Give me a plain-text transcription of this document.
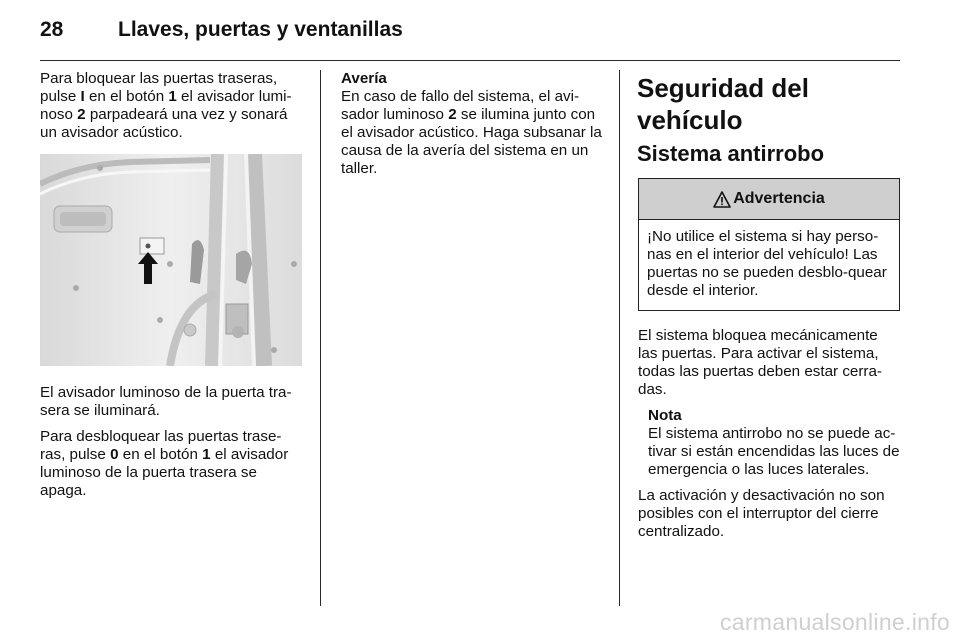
28	Llaves, puertas y ventanillas

Para bloquear las puertas traseras, pulse I en el botón 1 el avisador lumi-noso 2 parpadeará una vez y sonará un avisador acústico.

El avisador luminoso de la puerta tra-sera se iluminará.

Para desbloquear las puertas trase-ras, pulse 0 en el botón 1 el avisador luminoso de la puerta trasera se apaga.

Avería

En caso de fallo del sistema, el avi-sador luminoso 2 se ilumina junto con el avisador acústico. Haga subsanar la causa de la avería del sistema en un taller.

Seguridad del vehículo
Sistema antirrobo
Advertencia
¡No utilice el sistema si hay perso-nas en el interior del vehículo! Las puertas no se pueden desblo-quear desde el interior.

El sistema bloquea mecánicamente las puertas. Para activar el sistema, todas las puertas deben estar cerra-das.

Nota
El sistema antirrobo no se puede ac-tivar si están encendidas las luces de emergencia o las luces laterales.

La activación y desactivación no son posibles con el interruptor del cierre centralizado.

carmanualsonline.info
